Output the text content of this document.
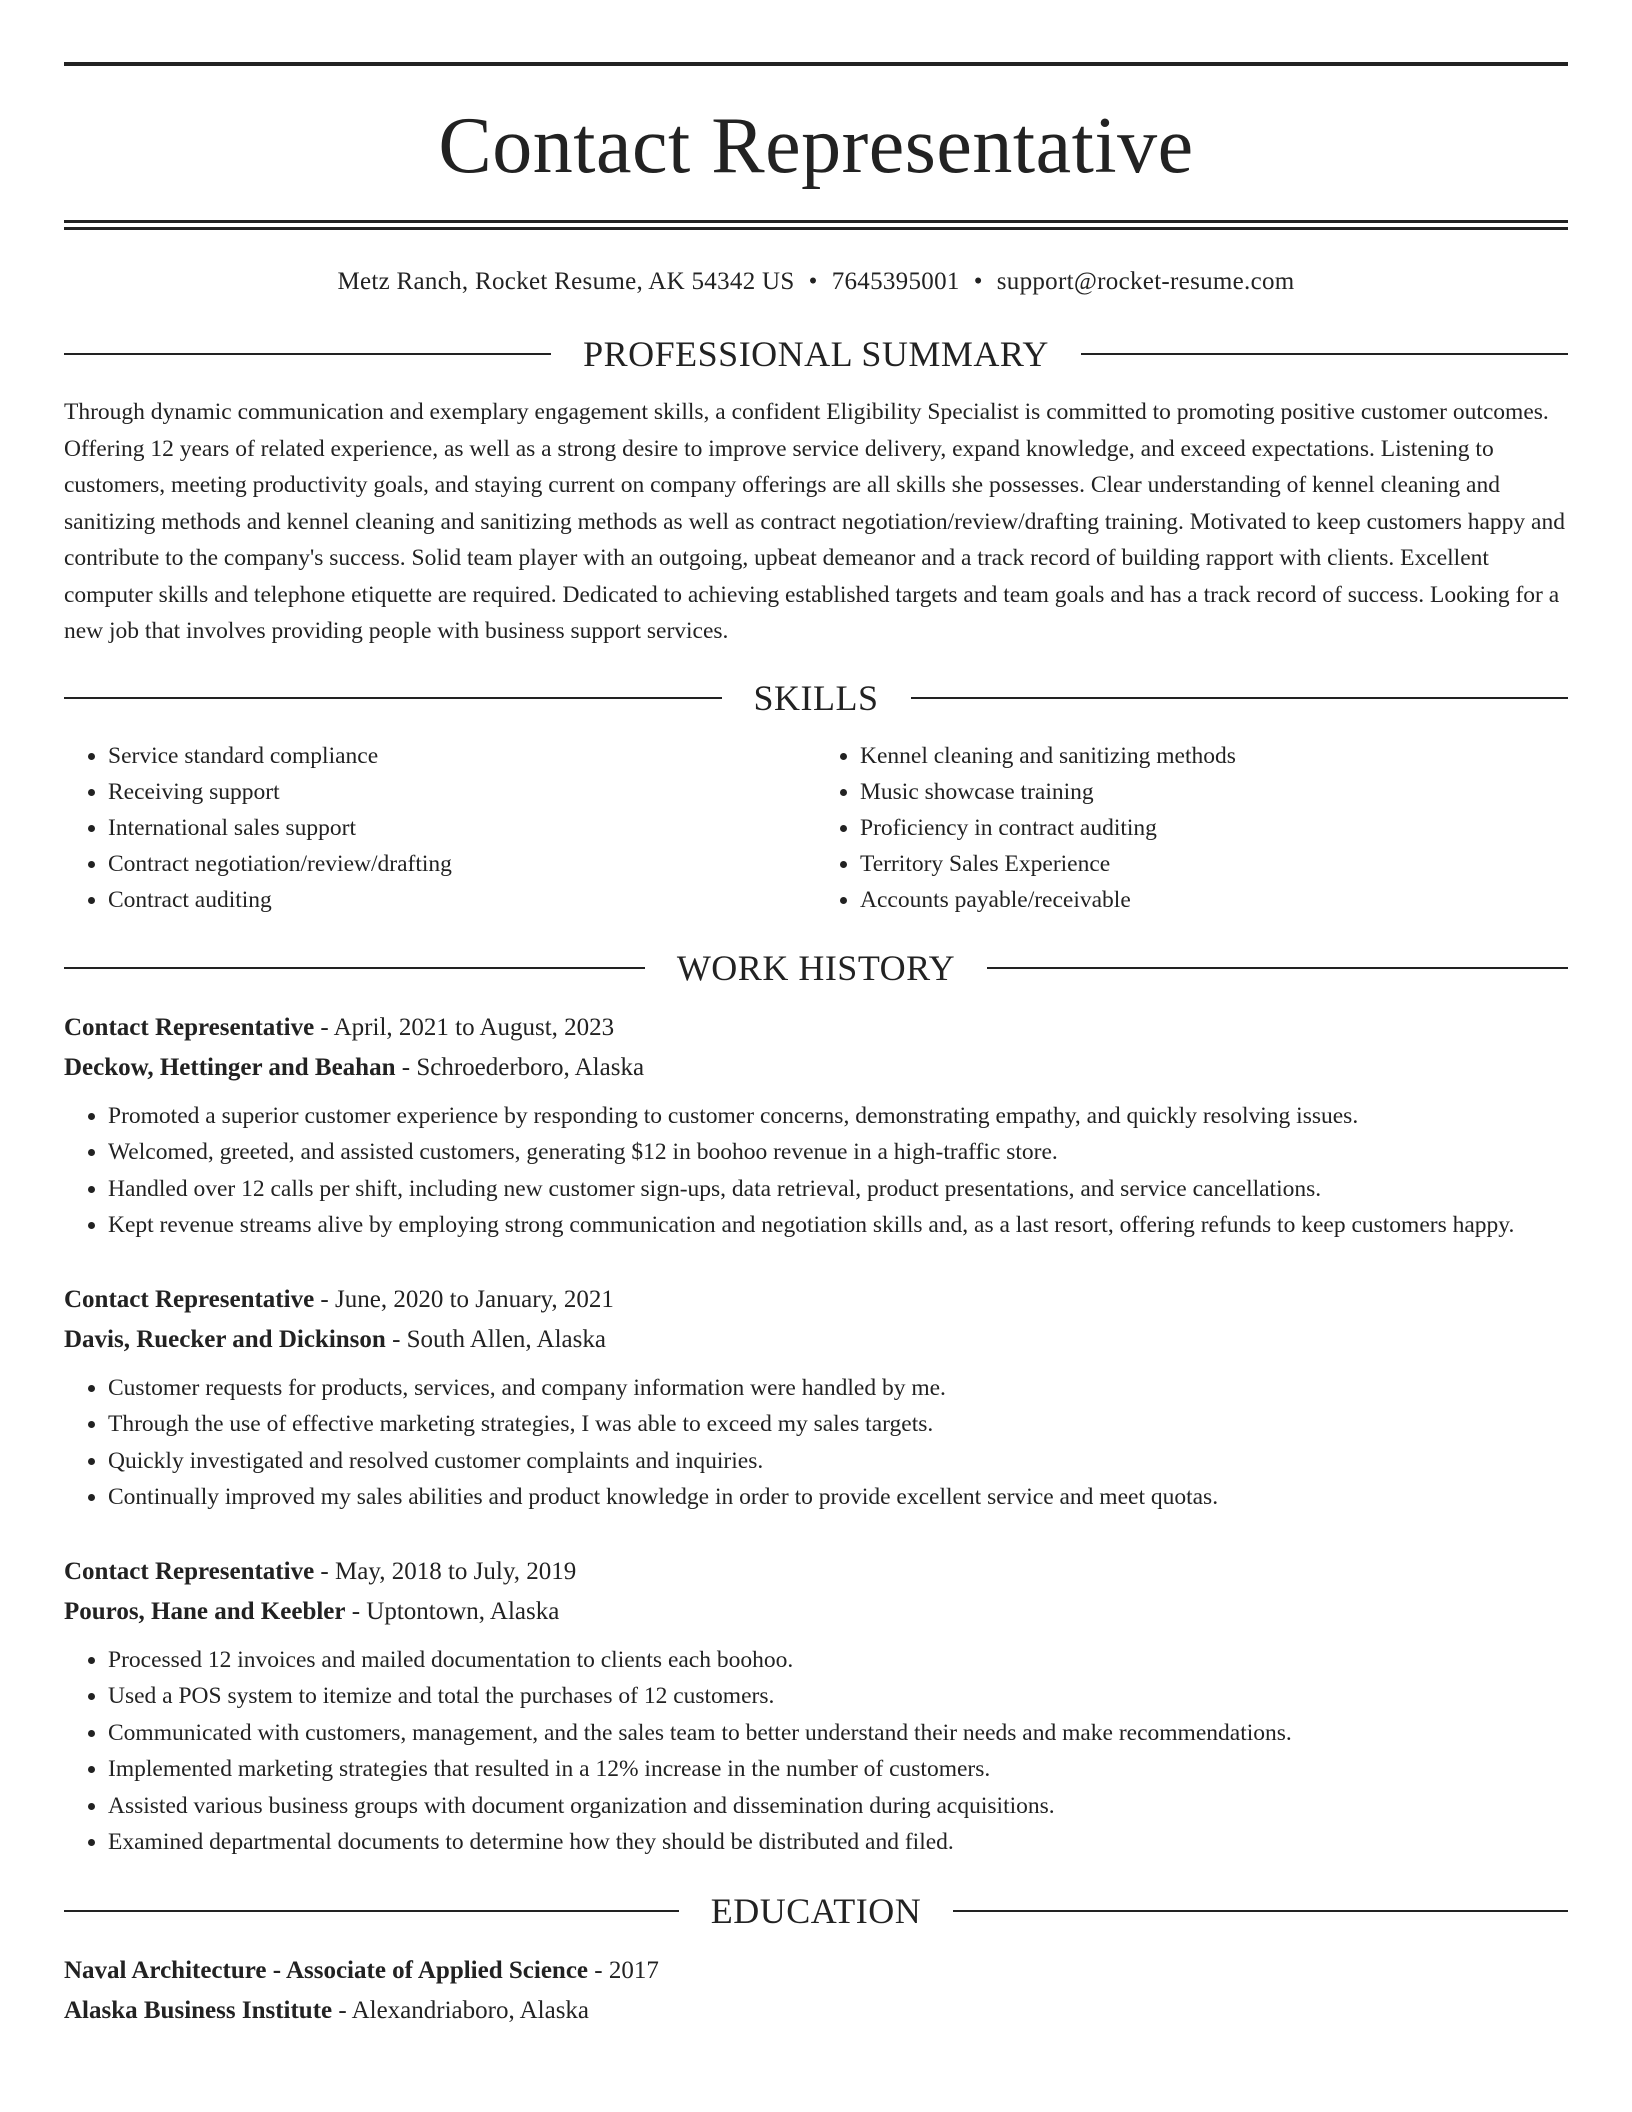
Contact Representative
Metz Ranch, Rocket Resume, AK 54342 US • 7645395001 • support@rocket-resume.com
PROFESSIONAL SUMMARY
Through dynamic communication and exemplary engagement skills, a confident Eligibility Specialist is committed to promoting positive customer outcomes. Offering 12 years of related experience, as well as a strong desire to improve service delivery, expand knowledge, and exceed expectations. Listening to customers, meeting productivity goals, and staying current on company offerings are all skills she possesses. Clear understanding of kennel cleaning and sanitizing methods and kennel cleaning and sanitizing methods as well as contract negotiation/review/drafting training. Motivated to keep customers happy and contribute to the company's success. Solid team player with an outgoing, upbeat demeanor and a track record of building rapport with clients. Excellent computer skills and telephone etiquette are required. Dedicated to achieving established targets and team goals and has a track record of success. Looking for a new job that involves providing people with business support services.
SKILLS
• Service standard compliance
• Receiving support
• International sales support
• Contract negotiation/review/drafting
• Contract auditing
• Kennel cleaning and sanitizing methods
• Music showcase training
• Proficiency in contract auditing
• Territory Sales Experience
• Accounts payable/receivable
WORK HISTORY
Contact Representative - April, 2021 to August, 2023
Deckow, Hettinger and Beahan - Schroederboro, Alaska
• Promoted a superior customer experience by responding to customer concerns, demonstrating empathy, and quickly resolving issues.
• Welcomed, greeted, and assisted customers, generating $12 in boohoo revenue in a high-traffic store.
• Handled over 12 calls per shift, including new customer sign-ups, data retrieval, product presentations, and service cancellations.
• Kept revenue streams alive by employing strong communication and negotiation skills and, as a last resort, offering refunds to keep customers happy.
Contact Representative - June, 2020 to January, 2021
Davis, Ruecker and Dickinson - South Allen, Alaska
• Customer requests for products, services, and company information were handled by me.
• Through the use of effective marketing strategies, I was able to exceed my sales targets.
• Quickly investigated and resolved customer complaints and inquiries.
• Continually improved my sales abilities and product knowledge in order to provide excellent service and meet quotas.
Contact Representative - May, 2018 to July, 2019
Pouros, Hane and Keebler - Uptontown, Alaska
• Processed 12 invoices and mailed documentation to clients each boohoo.
• Used a POS system to itemize and total the purchases of 12 customers.
• Communicated with customers, management, and the sales team to better understand their needs and make recommendations.
• Implemented marketing strategies that resulted in a 12% increase in the number of customers.
• Assisted various business groups with document organization and dissemination during acquisitions.
• Examined departmental documents to determine how they should be distributed and filed.
EDUCATION
Naval Architecture - Associate of Applied Science - 2017
Alaska Business Institute - Alexandriaboro, Alaska
